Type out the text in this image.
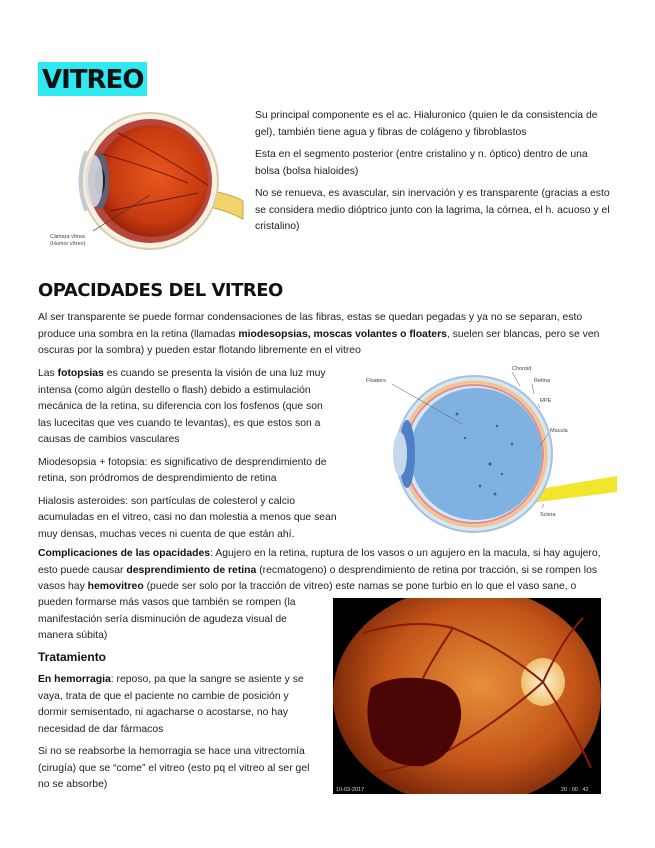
VITREO
Cámara vítrea
(Humor vítreo)

Su principal componente es el ac. Hialuronico (quien le da consistencia de gel), también tiene agua y fibras de colágeno y fibroblastos

Esta en el segmento posterior (entre cristalino y n. óptico) dentro de una bolsa (bolsa hialoides)

No se renueva, es avascular, sin inervación y es transparente (gracias a esto se considera medio dióptrico junto con la lagrima, la córnea, el h. acuoso y el cristalino)

OPACIDADES DEL VITREO

Al ser transparente se puede formar condensaciones de las fibras, estas se quedan pegadas y ya no se separan, esto produce una sombra en la retina (llamadas miodesopsias, moscas volantes o floaters, suelen ser blancas, pero se ven oscuras por la sombra) y pueden estar flotando libremente en el vitreo

Las fotopsias es cuando se presenta la visión de una luz muy intensa (como algún destello o flash) debido a estimulación mecánica de la retina, su diferencia con los fosfenos (que son las lucecitas que ves cuando te levantas), es que estos son a causas de cambios vasculares

Miodesopsia + fotopsia: es significativo de desprendimiento de retina, son pródromos de desprendimiento de retina

Hialosis asteroides: son partículas de colesterol y calcio acumuladas en el vitreo, casi no dan molestia a menos que sean muy densas, muchas veces ni cuenta de que están ahí.

Floaters
Choroid
Retina
RPE
Macula
Sclera

Complicaciones de las opacidades: Agujero en la retina, ruptura de los vasos o un agujero en la macula, si hay agujero, esto puede causar desprendimiento de retina (recmatogeno) o desprendimiento de retina por tracción, si se rompen los vasos hay hemovitreo (puede ser solo por la tracción de vitreo) este namas se pone turbio en lo que el vaso sane, o

pueden formarse más vasos que también se rompen (la manifestación sería disminución de agudeza visual de manera súbita)

Tratamiento

En hemorragia: reposo, pa que la sangre se asiente y se vaya, trata de que el paciente no cambie de posición y dormir semisentado, ni agacharse o acostarse, no hay necesidad de dar fármacos

Si no se reabsorbe la hemorragia se hace una vitrectomía (cirugía) que se “come” el vitreo (esto pq el vitreo al ser gel no se absorbe)	10-03-2017	20 : 00 : 42
